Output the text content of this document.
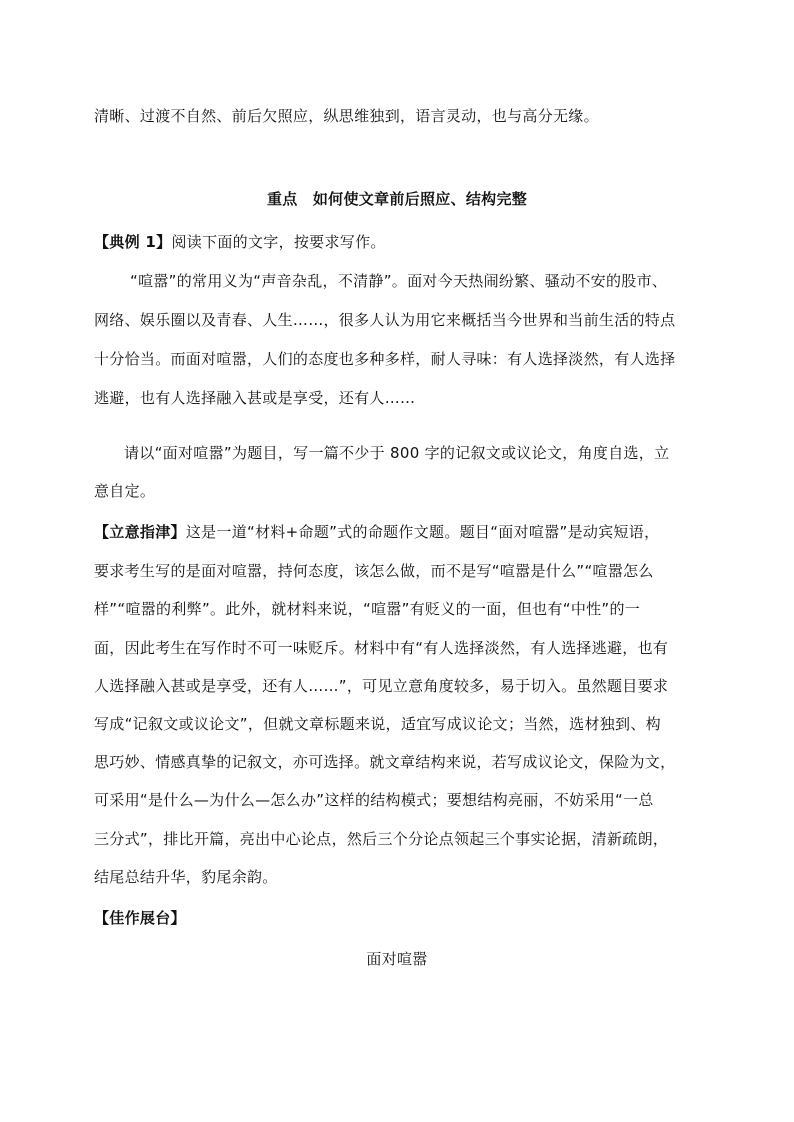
清晰、过渡不自然、前后欠照应，纵思维独到，语言灵动，也与高分无缘。
重点　如何使文章前后照应、结构完整
【典例 1】阅读下面的文字，按要求写作。
“喧嚣”的常用义为“声音杂乱，不清静”。面对今天热闹纷繁、骚动不安的股市、
网络、娱乐圈以及青春、人生……，很多人认为用它来概括当今世界和当前生活的特点
十分恰当。而面对喧嚣，人们的态度也多种多样，耐人寻味：有人选择淡然，有人选择
逃避，也有人选择融入甚或是享受，还有人……
请以“面对喧嚣”为题目，写一篇不少于 800 字的记叙文或议论文，角度自选，立
意自定。
【立意指津】这是一道“材料+命题”式的命题作文题。题目“面对喧嚣”是动宾短语，
要求考生写的是面对喧嚣，持何态度，该怎么做，而不是写“喧嚣是什么”“喧嚣怎么
样”“喧嚣的利弊”。此外，就材料来说，“喧嚣”有贬义的一面，但也有“中性”的一
面，因此考生在写作时不可一味贬斥。材料中有“有人选择淡然，有人选择逃避，也有
人选择融入甚或是享受，还有人……”，可见立意角度较多，易于切入。虽然题目要求
写成“记叙文或议论文”，但就文章标题来说，适宜写成议论文；当然，选材独到、构
思巧妙、情感真挚的记叙文，亦可选择。就文章结构来说，若写成议论文，保险为文，
可采用“是什么—为什么—怎么办”这样的结构模式；要想结构亮丽，不妨采用“一总
三分式”，排比开篇，亮出中心论点，然后三个分论点领起三个事实论据，清新疏朗，
结尾总结升华，豹尾余韵。
【佳作展台】
面对喧嚣
